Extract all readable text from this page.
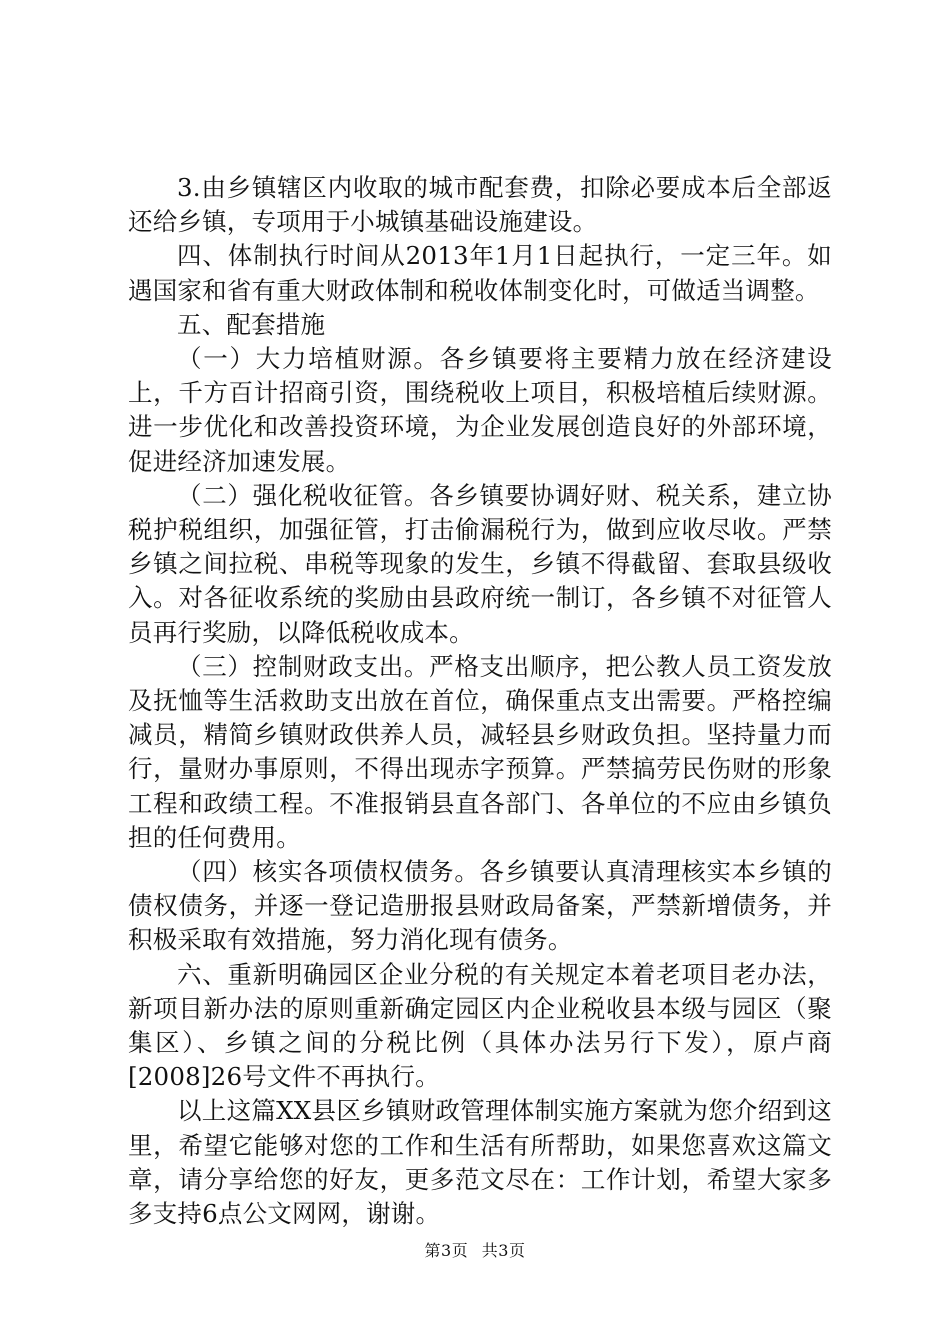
3.由乡镇辖区内收取的城市配套费，扣除必要成本后全部返还给乡镇，专项用于小城镇基础设施建设。

四、体制执行时间从2013年1月1日起执行，一定三年。如遇国家和省有重大财政体制和税收体制变化时，可做适当调整。

五、配套措施

（一）大力培植财源。各乡镇要将主要精力放在经济建设上，千方百计招商引资，围绕税收上项目，积极培植后续财源。进一步优化和改善投资环境，为企业发展创造良好的外部环境，促进经济加速发展。

（二）强化税收征管。各乡镇要协调好财、税关系，建立协税护税组织，加强征管，打击偷漏税行为，做到应收尽收。严禁乡镇之间拉税、串税等现象的发生，乡镇不得截留、套取县级收入。对各征收系统的奖励由县政府统一制订，各乡镇不对征管人员再行奖励，以降低税收成本。

（三）控制财政支出。严格支出顺序，把公教人员工资发放及抚恤等生活救助支出放在首位，确保重点支出需要。严格控编减员，精简乡镇财政供养人员，减轻县乡财政负担。坚持量力而行，量财办事原则，不得出现赤字预算。严禁搞劳民伤财的形象工程和政绩工程。不准报销县直各部门、各单位的不应由乡镇负担的任何费用。

（四）核实各项债权债务。各乡镇要认真清理核实本乡镇的债权债务，并逐一登记造册报县财政局备案，严禁新增债务，并积极采取有效措施，努力消化现有债务。

六、重新明确园区企业分税的有关规定本着老项目老办法，新项目新办法的原则重新确定园区内企业税收县本级与园区（聚集区）、乡镇之间的分税比例（具体办法另行下发），原卢商[2008]26号文件不再执行。

以上这篇XX县区乡镇财政管理体制实施方案就为您介绍到这里，希望它能够对您的工作和生活有所帮助，如果您喜欢这篇文章，请分享给您的好友，更多范文尽在：工作计划，希望大家多多支持6点公文网网，谢谢。

第3页 共3页
